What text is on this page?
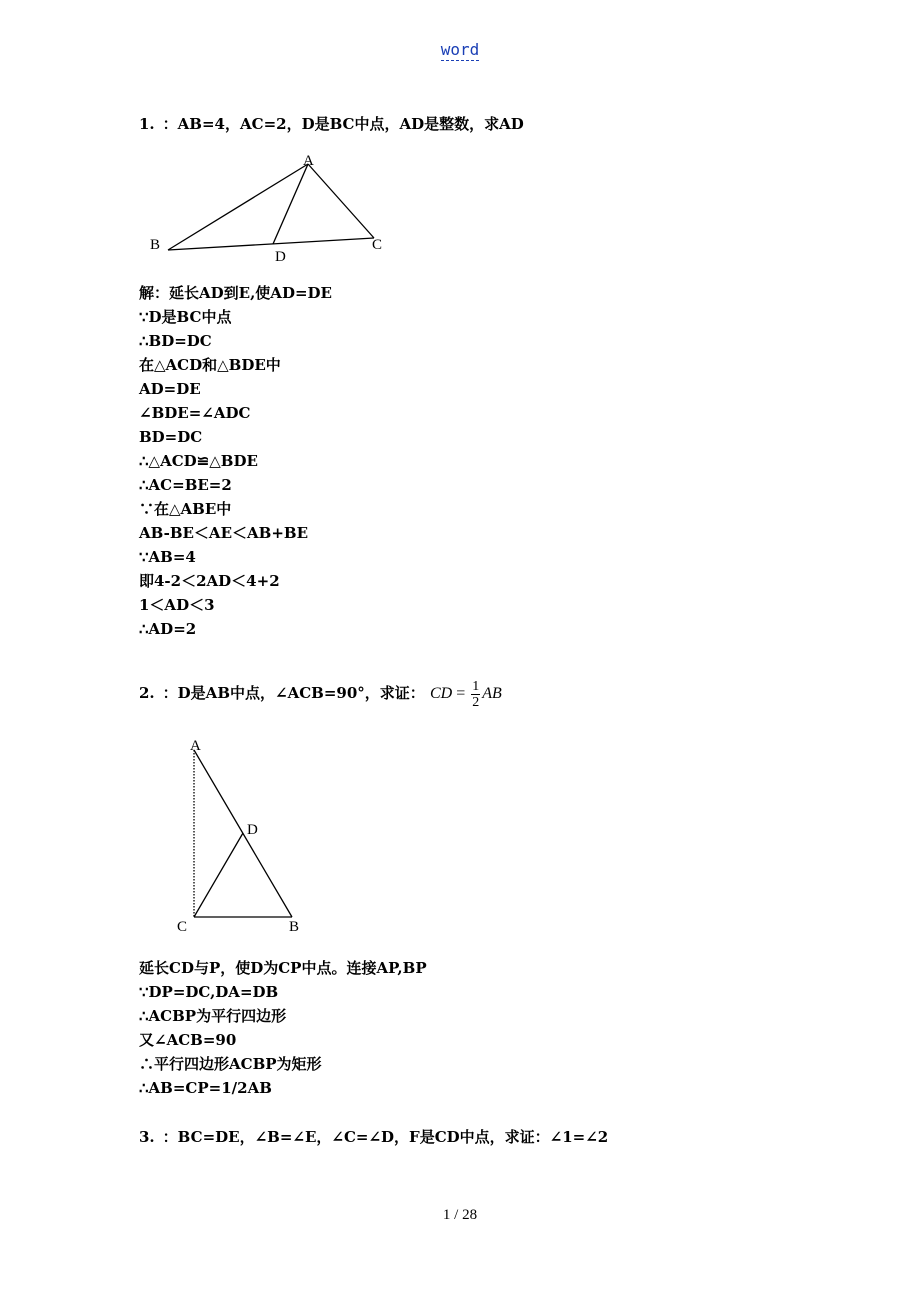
word
1. ：AB=4，AC=2，D是BC中点，AD是整数，求AD
A
B	C
D
A
B
C
D
解：延长AD到E,使AD=DE
∵D是BC中点
∴BD=DC
在△ACD和△BDE中
AD=DE
∠BDE=∠ADC
BD=DC
∴△ACD≌△BDE
∴AC=BE=2
∵在△ABE中
AB-BE＜AE＜AB+BE
∵AB=4
即4-2＜2AD＜4+2
1＜AD＜3
∴AD=2
2. ：D是AB中点，∠ACB=90°，求证： CD = $\frac{1}{2}$ AB
延长CD与P，使D为CP中点。连接AP,BP
∵DP=DC,DA=DB
∴ACBP为平行四边形
又∠ACB=90
∴平行四边形ACBP为矩形
∴AB=CP=1/2AB
3. ：BC=DE，∠B=∠E，∠C=∠D，F是CD中点，求证：∠1=∠2
1 / 28
